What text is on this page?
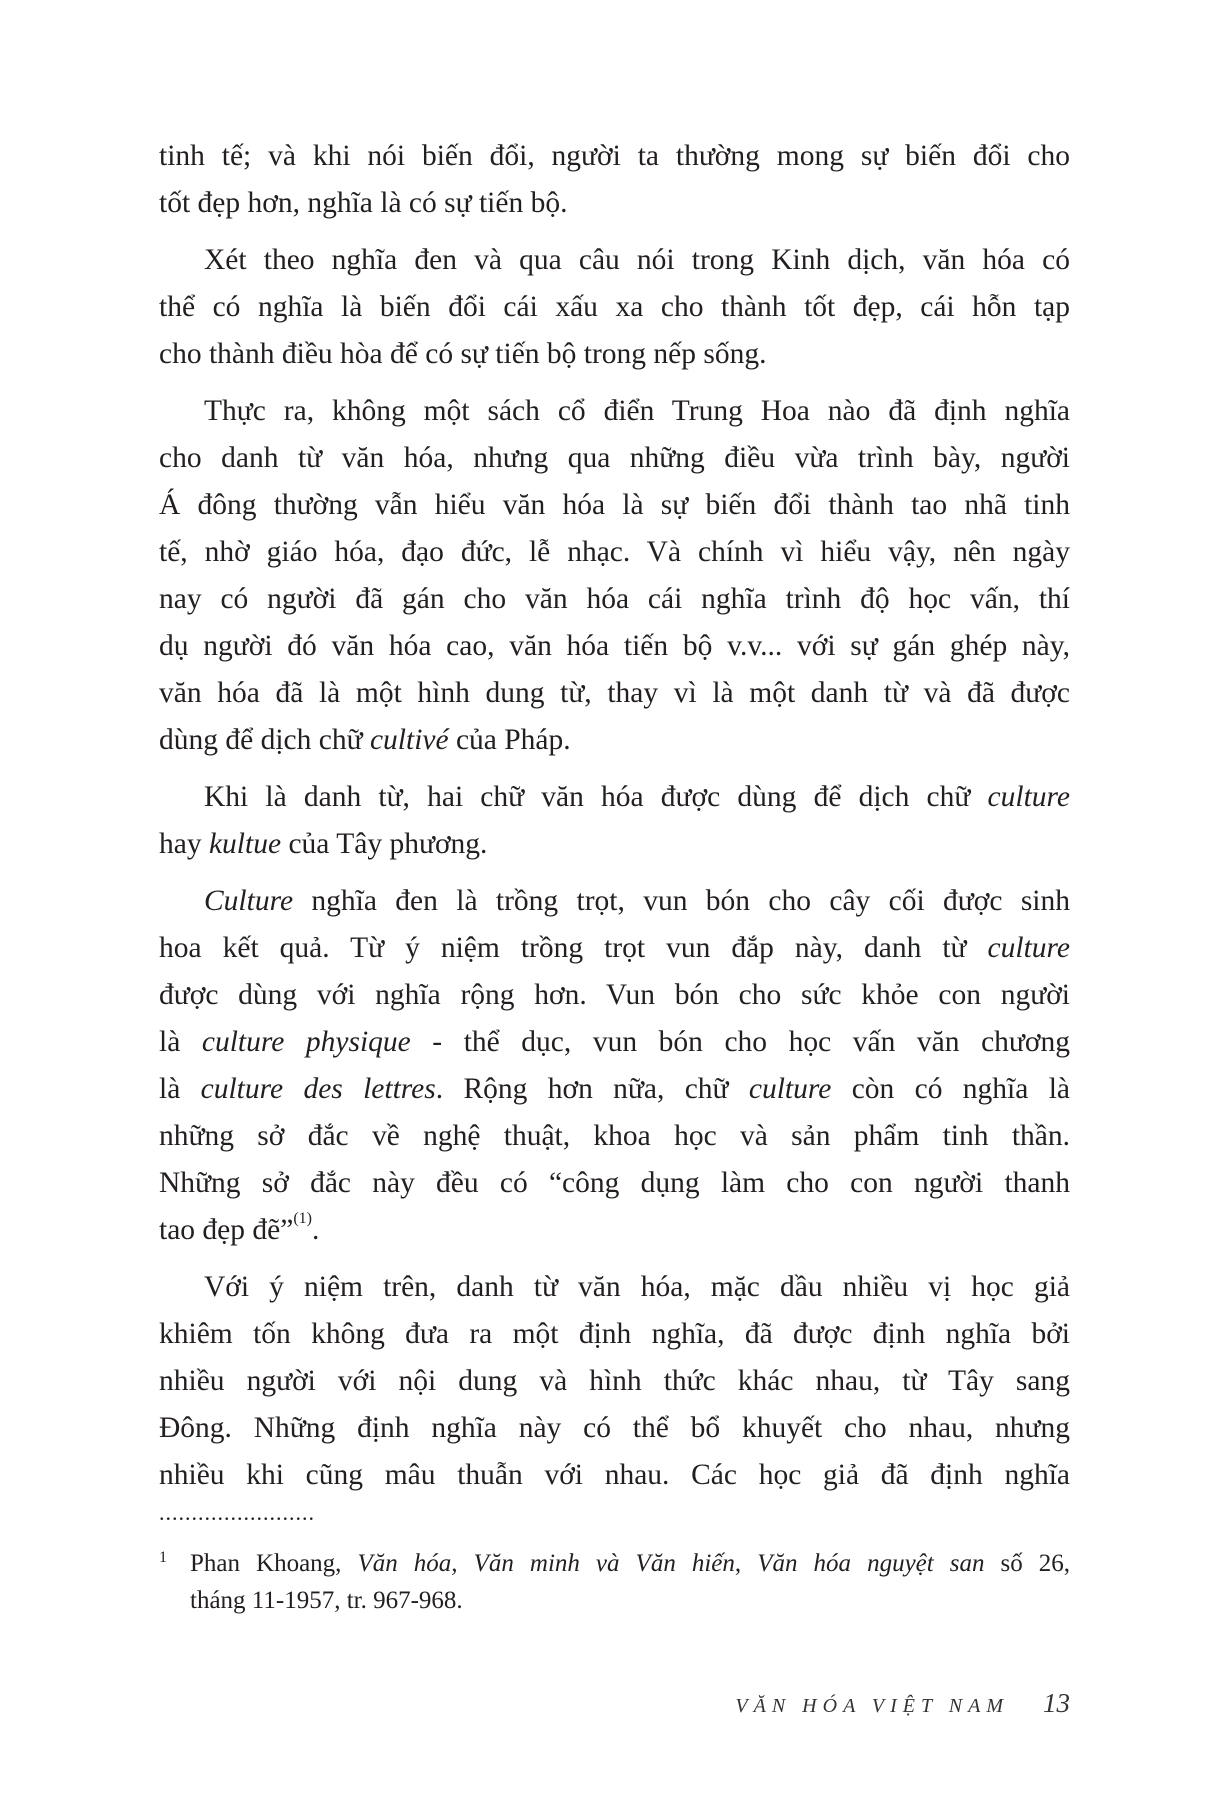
tinh tế; và khi nói biến đổi, người ta thường mong sự biến đổi cho
tốt đẹp hơn, nghĩa là có sự tiến bộ.
Xét theo nghĩa đen và qua câu nói trong Kinh dịch, văn hóa có
thể có nghĩa là biến đổi cái xấu xa cho thành tốt đẹp, cái hỗn tạp
cho thành điều hòa để có sự tiến bộ trong nếp sống.
Thực ra, không một sách cổ điển Trung Hoa nào đã định nghĩa
cho danh từ văn hóa, nhưng qua những điều vừa trình bày, người
Á đông thường vẫn hiểu văn hóa là sự biến đổi thành tao nhã tinh
tế, nhờ giáo hóa, đạo đức, lễ nhạc. Và chính vì hiểu vậy, nên ngày
nay có người đã gán cho văn hóa cái nghĩa trình độ học vấn, thí
dụ người đó văn hóa cao, văn hóa tiến bộ v.v... với sự gán ghép này,
văn hóa đã là một hình dung từ, thay vì là một danh từ và đã được
dùng để dịch chữ cultivé của Pháp.
Khi là danh từ, hai chữ văn hóa được dùng để dịch chữ culture
hay kultue của Tây phương.
Culture nghĩa đen là trồng trọt, vun bón cho cây cối được sinh
hoa kết quả. Từ ý niệm trồng trọt vun đắp này, danh từ culture
được dùng với nghĩa rộng hơn. Vun bón cho sức khỏe con người
là culture physique - thể dục, vun bón cho học vấn văn chương
là culture des lettres. Rộng hơn nữa, chữ culture còn có nghĩa là
những sở đắc về nghệ thuật, khoa học và sản phẩm tinh thần.
Những sở đắc này đều có “công dụng làm cho con người thanh
tao đẹp đẽ”$^{(1)}$.
Với ý niệm trên, danh từ văn hóa, mặc dầu nhiều vị học giả
khiêm tốn không đưa ra một định nghĩa, đã được định nghĩa bởi
nhiều người với nội dung và hình thức khác nhau, từ Tây sang
Đông. Những định nghĩa này có thể bổ khuyết cho nhau, nhưng
nhiều khi cũng mâu thuẫn với nhau. Các học giả đã định nghĩa
........................
1 Phan Khoang, Văn hóa, Văn minh và Văn hiến, Văn hóa nguyệt san số 26,
tháng 11-1957, tr. 967-968.
VĂN HÓA VIỆT NAM 13
